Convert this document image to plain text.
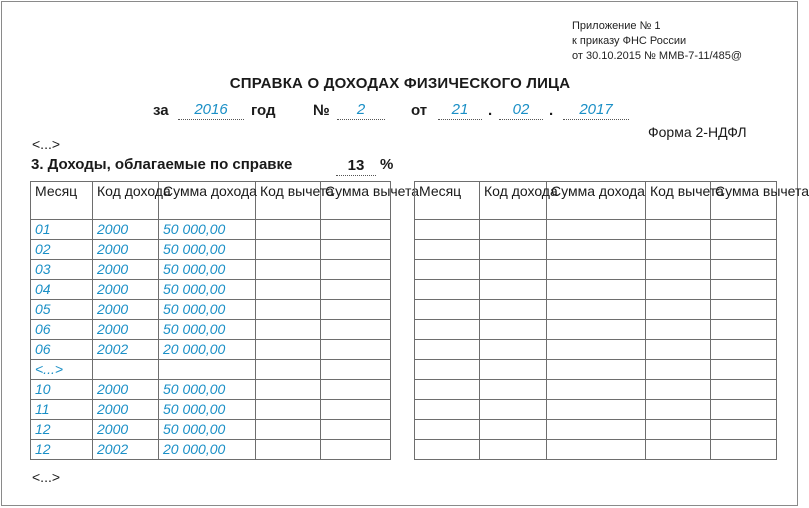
Приложение № 1
к приказу ФНС России
от 30.10.2015 № ММВ-7-11/485@
СПРАВКА О ДОХОДАХ ФИЗИЧЕСКОГО ЛИЦА
за	2016	год №	2	от	21	.	02	.	2017
<...>
Форма 2-НДФЛ
3. Доходы, облагаемые по справке	13	%
Месяц	Код дохода	Сумма дохода	Код вычета	Сумма вычета
01	2000	50 000,00		
02	2000	50 000,00		
03	2000	50 000,00		
04	2000	50 000,00		
05	2000	50 000,00		
06	2000	50 000,00		
06	2002	20 000,00		
<...>				
10	2000	50 000,00		
11	2000	50 000,00		
12	2000	50 000,00		
12	2002	20 000,00		
Месяц	Код дохода	Сумма дохода	Код вычета	Сумма вычета

<...>
